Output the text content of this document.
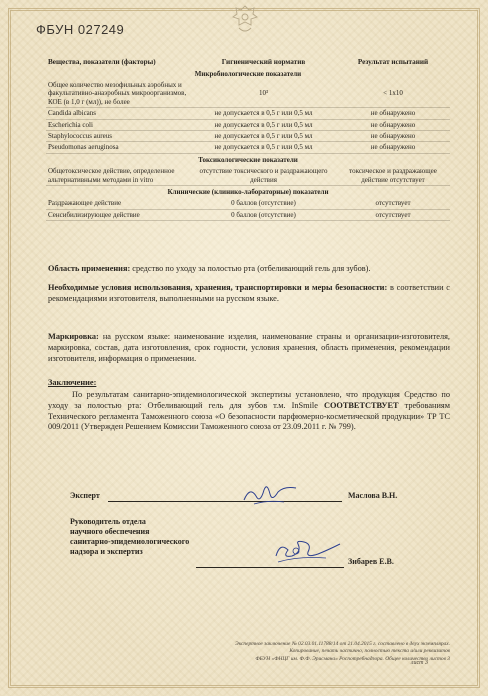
ФБУН 027249
Вещества, показатели (факторы)	Гигиенический норматив	Результат испытаний
Микробиологические показатели		
Общее количество мезофильных аэробных и факультативно-анаэробных микроорганизмов, КОЕ (в 1,0 г (мл)), не более	10³	< 1х10
Candida albicans	не допускается в 0,5 г или 0,5 мл	не обнаружено
Escherichia coli	не допускается в 0,5 г или 0,5 мл	не обнаружено
Staphylococcus aureus	не допускается в 0,5 г или 0,5 мл	не обнаружено
Pseudomonas aeruginosa	не допускается в 0,5 г или 0,5 мл	не обнаружено
Токсикологические показатели		
Общетоксическое действие, определенное альтернативными методами in vitro	отсутствие токсического и раздражающего действия	токсическое и раздражающее действие отсутствует
Клинические (клинико-лабораторные) показатели		
Раздражающее действие	0 баллов (отсутствие)	отсутствует
Сенсибилизирующее действие	0 баллов (отсутствие)	отсутствует
Область применения: средство по уходу за полостью рта (отбеливающий гель для зубов).
Необходимые условия использования, хранения, транспортировки и меры безопасности: в соответствии с рекомендациями изготовителя, выполненными на русском языке.
Маркировка: на русском языке: наименование изделия, наименование страны и организации-изготовителя, маркировка, состав, дата изготовления, срок годности, условия хранения, область применения, рекомендации изготовителя, информация о применении.
Заключение:
По результатам санитарно-эпидемиологической экспертизы установлено, что продукция Средство по уходу за полостью рта: Отбеливающий гель для зубов т.м. InSmile СООТВЕТСТВУЕТ требованиям Технического регламента Таможенного союза «О безопасности парфюмерно-косметической продукции» ТР ТС 009/2011 (Утвержден Решением Комиссии Таможенного союза от 23.09.2011 г. № 799).
Эксперт	Маслова В.Н.
Руководитель отдела
научного обеспечения
санитарно-эпидемиологического
надзора и экспертиз
Зибарев Е.В.
Экспертное заключение № 02.03.01.11788/14 от 21.04.2015 г. составлено в двух экземплярах.
Копирование, печать частично, полностью текста и/или реквизитов
ФБУН «ФНЦГ им. Ф.Ф. Эрисмана» Роспотребнадзора. Общее количество листов 3
лист 3
